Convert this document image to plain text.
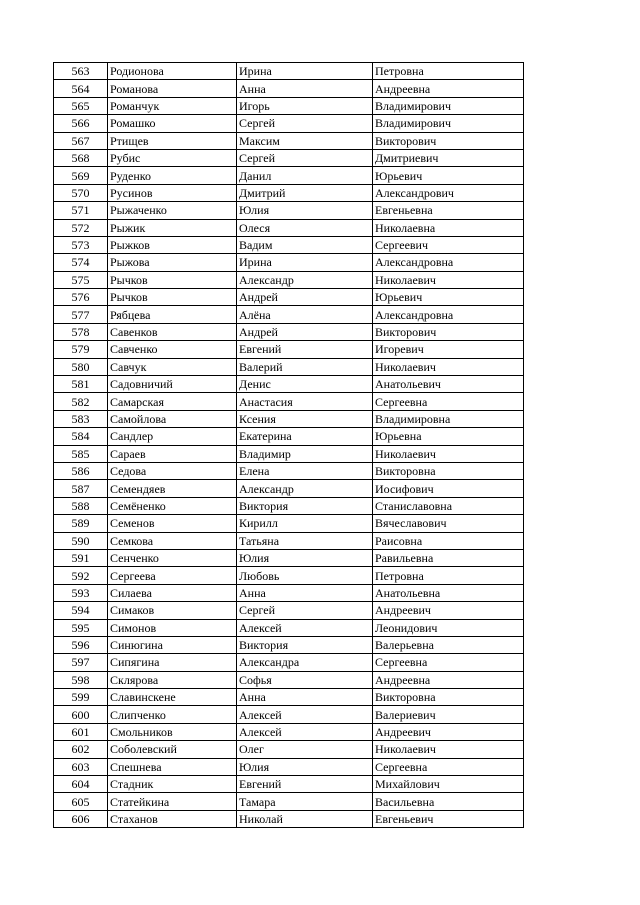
563	Родионова	Ирина	Петровна
564	Романова	Анна	Андреевна
565	Романчук	Игорь	Владимирович
566	Ромашко	Сергей	Владимирович
567	Ртищев	Максим	Викторович
568	Рубис	Сергей	Дмитриевич
569	Руденко	Данил	Юрьевич
570	Русинов	Дмитрий	Александрович
571	Рыжаченко	Юлия	Евгеньевна
572	Рыжик	Олеся	Николаевна
573	Рыжков	Вадим	Сергеевич
574	Рыжова	Ирина	Александровна
575	Рычков	Александр	Николаевич
576	Рычков	Андрей	Юрьевич
577	Рябцева	Алёна	Александровна
578	Савенков	Андрей	Викторович
579	Савченко	Евгений	Игоревич
580	Савчук	Валерий	Николаевич
581	Садовничий	Денис	Анатольевич
582	Самарская	Анастасия	Сергеевна
583	Самойлова	Ксения	Владимировна
584	Сандлер	Екатерина	Юрьевна
585	Сараев	Владимир	Николаевич
586	Седова	Елена	Викторовна
587	Семендяев	Александр	Иосифович
588	Семёненко	Виктория	Станиславовна
589	Семенов	Кирилл	Вячеславович
590	Семкова	Татьяна	Раисовна
591	Сенченко	Юлия	Равильевна
592	Сергеева	Любовь	Петровна
593	Силаева	Анна	Анатольевна
594	Симаков	Сергей	Андреевич
595	Симонов	Алексей	Леонидович
596	Синюгина	Виктория	Валерьевна
597	Сипягина	Александра	Сергеевна
598	Склярова	Софья	Андреевна
599	Славинскене	Анна	Викторовна
600	Слипченко	Алексей	Валериевич
601	Смольников	Алексей	Андреевич
602	Соболевский	Олег	Николаевич
603	Спешнева	Юлия	Сергеевна
604	Стадник	Евгений	Михайлович
605	Статейкина	Тамара	Васильевна
606	Стаханов	Николай	Евгеньевич
